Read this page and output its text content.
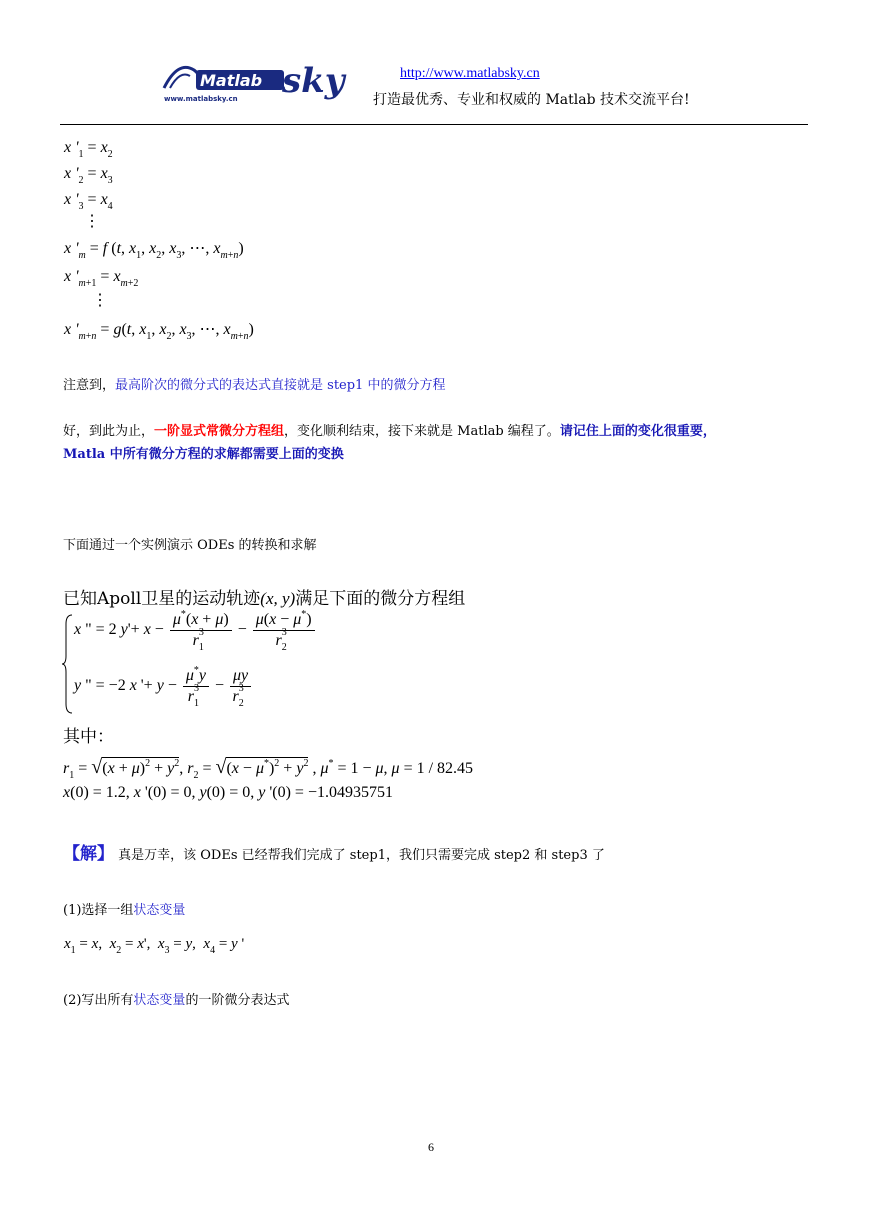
Matlab sky
www.matlabsky.cn
http://www.matlabsky.cn
打造最优秀、专业和权威的 Matlab 技术交流平台!
x '$_1 = x_2$
x '$_2 = x_3$
x '$_3 = x_4$
⋮
x '$_m = f$ (t, $x_1$, $x_2$, $x_3$, ⋯, $x_{m+n}$)
x '$_{m+1} = x_{m+2}$
⋮
x '$_{m+n} = g(t$, $x_1$, $x_2$, $x_3$, ⋯, $x_{m+n}$)
注意到，最高阶次的微分式的表达式直接就是 step1 中的微分方程
好，到此为止，一阶显式常微分方程组，变化顺利结束，接下来就是 Matlab 编程了。请记住上面的变化很重要，
Matla 中所有微分方程的求解都需要上面的变换
下面通过一个实例演示 ODEs 的转换和求解
已知Apoll卫星的运动轨迹(x, y)满足下面的微分方程组
x " = 2 $y'+ x - \frac{\mu^*(x + \mu)}{r_1^3} - \frac{\mu(x - \mu^*)}{r_2^3}$
y " = −2 x '+ $y - \frac{\mu^*y}{r_1^3} - \frac{\mu y}{r_2^3}$
其中：
$r_1 = √(x + \mu)^2 + y^2$, $r_2 = √(x - \mu^*)^2 + y^2$ , μ* = 1 − μ, μ = 1 / 82.45
x(0) = 1.2, x '(0) = 0, y(0) = 0, y '(0) = −1.04935751
【解】 真是万幸，该 ODEs 已经帮我们完成了 step1，我们只需要完成 step2 和 step3 了
(1)选择一组状态变量
$x_1 = x$,  $x_2 = x'$,  $x_3 = y$,  $x_4 = y$ '
(2)写出所有状态变量的一阶微分表达式
6
